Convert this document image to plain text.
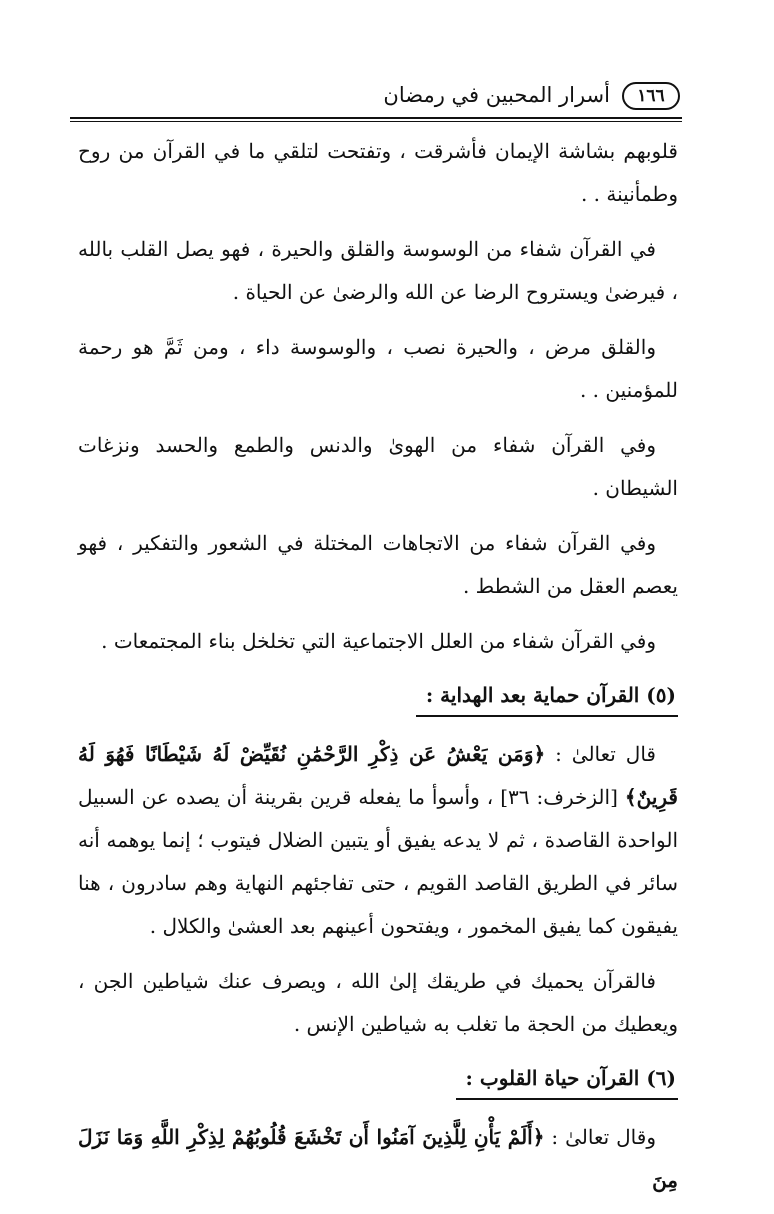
١٦٦
أسرار المحبين في رمضان

قلوبهم بشاشة الإيمان فأشرقت ، وتفتحت لتلقي ما في القرآن من روح وطمأنينة . .

في القرآن شفاء من الوسوسة والقلق والحيرة ، فهو يصل القلب بالله ، فيرضىٰ ويستروح الرضا عن الله والرضىٰ عن الحياة .

والقلق مرض ، والحيرة نصب ، والوسوسة داء ، ومن ثَمَّ هو رحمة للمؤمنين . .

وفي القرآن شفاء من الهوىٰ والدنس والطمع والحسد ونزغات الشيطان .

وفي القرآن شفاء من الاتجاهات المختلة في الشعور والتفكير ، فهو يعصم العقل من الشطط .

وفي القرآن شفاء من العلل الاجتماعية التي تخلخل بناء المجتمعات .

(٥) القرآن حماية بعد الهداية :

قال تعالىٰ : ﴿وَمَن يَعْشُ عَن ذِكْرِ الرَّحْمَٰنِ نُقَيِّضْ لَهُ شَيْطَانًا فَهُوَ لَهُ قَرِينٌ﴾ [الزخرف: ٣٦] ، وأسوأ ما يفعله قرين بقرينة أن يصده عن السبيل الواحدة القاصدة ، ثم لا يدعه يفيق أو يتبين الضلال فيتوب ؛ إنما يوهمه أنه سائر في الطريق القاصد القويم ، حتى تفاجئهم النهاية وهم سادرون ، هنا يفيقون كما يفيق المخمور ، ويفتحون أعينهم بعد العشىٰ والكلال .

فالقرآن يحميك في طريقك إلىٰ الله ، ويصرف عنك شياطين الجن ، ويعطيك من الحجة ما تغلب به شياطين الإنس .

(٦) القرآن حياة القلوب :

وقال تعالىٰ : ﴿أَلَمْ يَأْنِ لِلَّذِينَ آمَنُوا أَن تَخْشَعَ قُلُوبُهُمْ لِذِكْرِ اللَّهِ وَمَا نَزَلَ مِنَ
